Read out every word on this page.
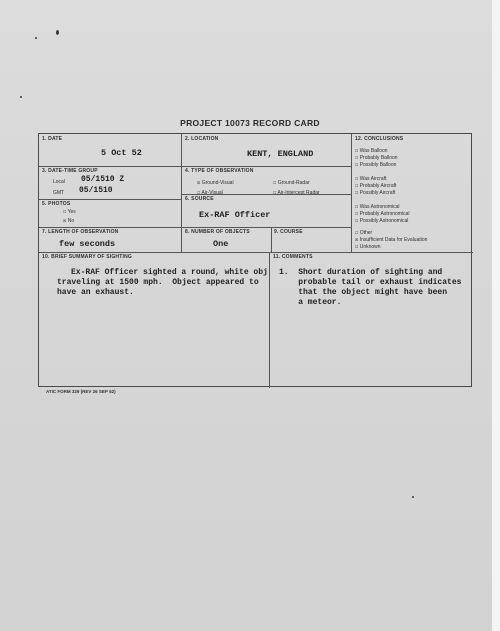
PROJECT 10073 RECORD CARD
1. DATE
5 Oct 52
2. LOCATION
KENT, ENGLAND
3. DATE-TIME GROUP
Local 05/1510 Z
GMT 05/1510
4. TYPE OF OBSERVATION
☒ Ground-Visual	☐ Ground-Radar
☐ Air-Visual	☐ Air-Intercept Radar
5. PHOTOS
☐ Yes
☒ No
6. SOURCE
Ex-RAF Officer
7. LENGTH OF OBSERVATION
few seconds
8. NUMBER OF OBJECTS
One
9. COURSE
12. CONCLUSIONS
☐ Was Balloon
☐ Probably Balloon
☐ Possibly Balloon
☐ Was Aircraft
☐ Probably Aircraft
☐ Possibly Aircraft
☐ Was Astronomical
☐ Probably Astronomical
☐ Possibly Astronomical
☐ Other
☒ Insufficient Data for Evaluation
☐ Unknown
10. BRIEF SUMMARY OF SIGHTING
Ex-RAF Officer sighted a round, white obj
traveling at 1500 mph.  Object appeared to
have an exhaust.
11. COMMENTS
1.  Short duration of sighting and
probable tail or exhaust indicates
that the object might have been
a meteor.
ATIC FORM 329 (REV 26 SEP 52)
